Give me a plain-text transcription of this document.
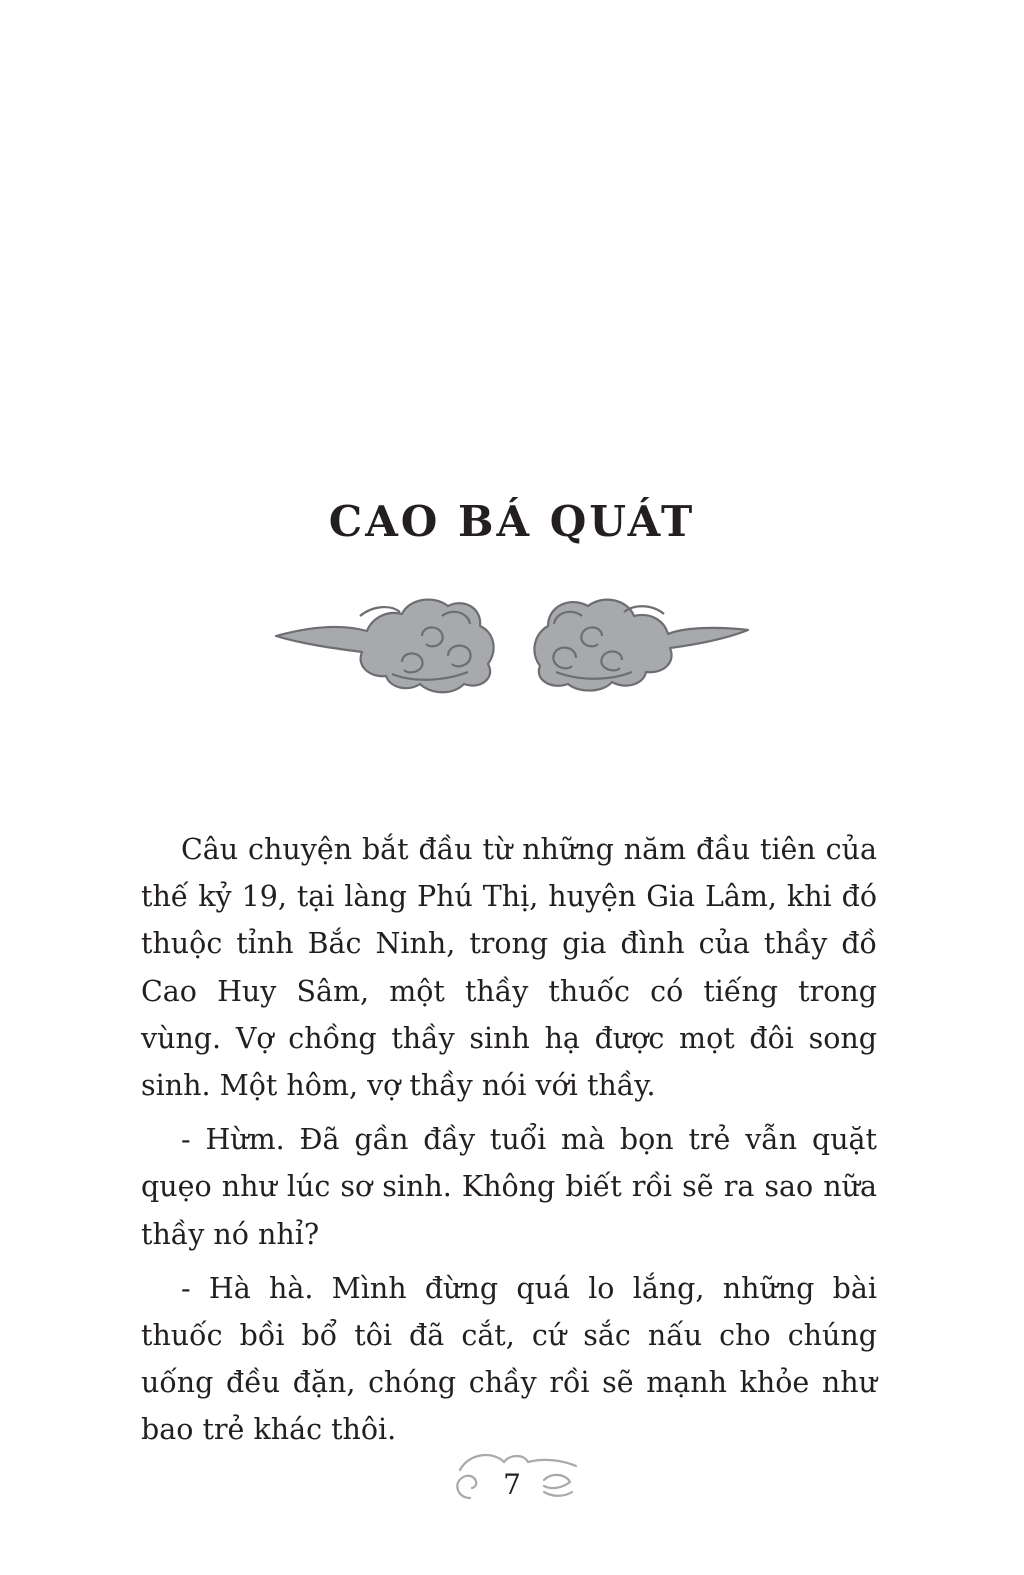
CAO BÁ QUÁT

Câu chuyện bắt đầu từ những năm đầu tiên của thế kỷ 19, tại làng Phú Thị, huyện Gia Lâm, khi đó thuộc tỉnh Bắc Ninh, trong gia đình của thầy đồ Cao Huy Sâm, một thầy thuốc có tiếng trong vùng. Vợ chồng thầy sinh hạ được mọt đôi song sinh. Một hôm, vợ thầy nói với thầy.

- Hừm. Đã gần đầy tuổi mà bọn trẻ vẫn quặt quẹo như lúc sơ sinh. Không biết rồi sẽ ra sao nữa thầy nó nhỉ?

- Hà hà. Mình đừng quá lo lắng, những bài thuốc bồi bổ tôi đã cắt, cứ sắc nấu cho chúng uống đều đặn, chóng chầy rồi sẽ mạnh khỏe như bao trẻ khác thôi.

7
